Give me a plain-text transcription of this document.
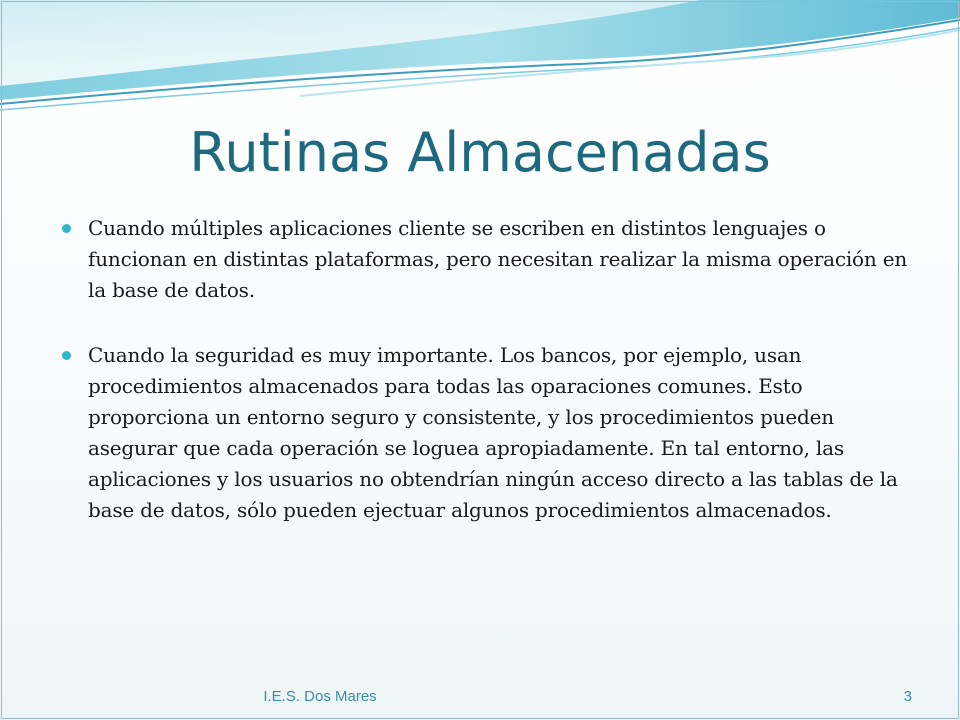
Rutinas Almacenadas
Cuando múltiples aplicaciones cliente se escriben en distintos lenguajes o funcionan en distintas plataformas, pero necesitan realizar la misma operación en la base de datos.
Cuando la seguridad es muy importante. Los bancos, por ejemplo, usan procedimientos almacenados para todas las oparaciones comunes. Esto proporciona un entorno seguro y consistente, y los procedimientos pueden asegurar que cada operación se loguea apropiadamente. En tal entorno, las aplicaciones y los usuarios no obtendrían ningún acceso directo a las tablas de la base de datos, sólo pueden ejectuar algunos procedimientos almacenados.
I.E.S. Dos Mares	3
